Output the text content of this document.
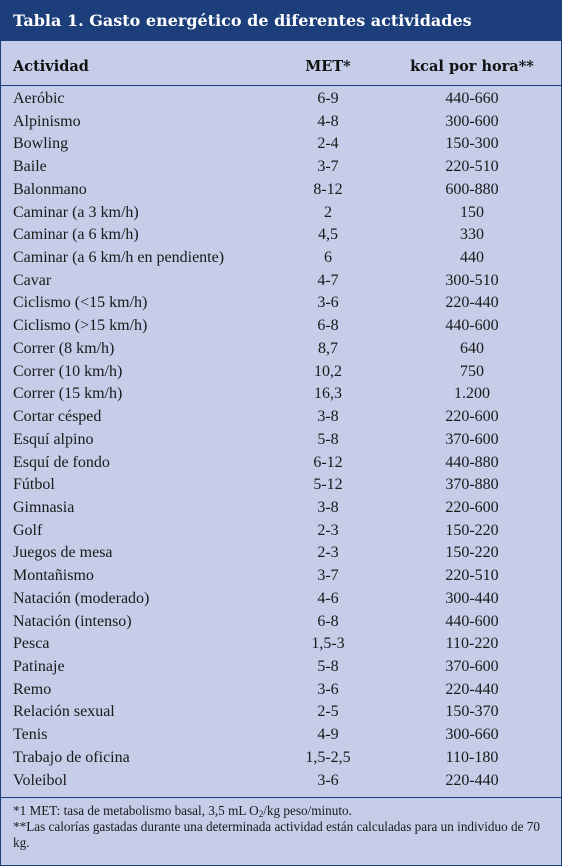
Tabla 1. Gasto energético de diferentes actividades
Actividad	MET*	kcal por hora**
Aeróbic	6-9	440-660
Alpinismo	4-8	300-600
Bowling	2-4	150-300
Baile	3-7	220-510
Balonmano	8-12	600-880
Caminar (a 3 km/h)	2	150
Caminar (a 6 km/h)	4,5	330
Caminar (a 6 km/h en pendiente)	6	440
Cavar	4-7	300-510
Ciclismo (<15 km/h)	3-6	220-440
Ciclismo (>15 km/h)	6-8	440-600
Correr (8 km/h)	8,7	640
Correr (10 km/h)	10,2	750
Correr (15 km/h)	16,3	1.200
Cortar césped	3-8	220-600
Esquí alpino	5-8	370-600
Esquí de fondo	6-12	440-880
Fútbol	5-12	370-880
Gimnasia	3-8	220-600
Golf	2-3	150-220
Juegos de mesa	2-3	150-220
Montañismo	3-7	220-510
Natación (moderado)	4-6	300-440
Natación (intenso)	6-8	440-600
Pesca	1,5-3	110-220
Patinaje	5-8	370-600
Remo	3-6	220-440
Relación sexual	2-5	150-370
Tenis	4-9	300-660
Trabajo de oficina	1,5-2,5	110-180
Voleibol	3-6	220-440

*1 MET: tasa de metabolismo basal, 3,5 mL $O_2/kg$ peso/minuto.

**Las calorías gastadas durante una determinada actividad están calculadas para un individuo de 70 kg.
